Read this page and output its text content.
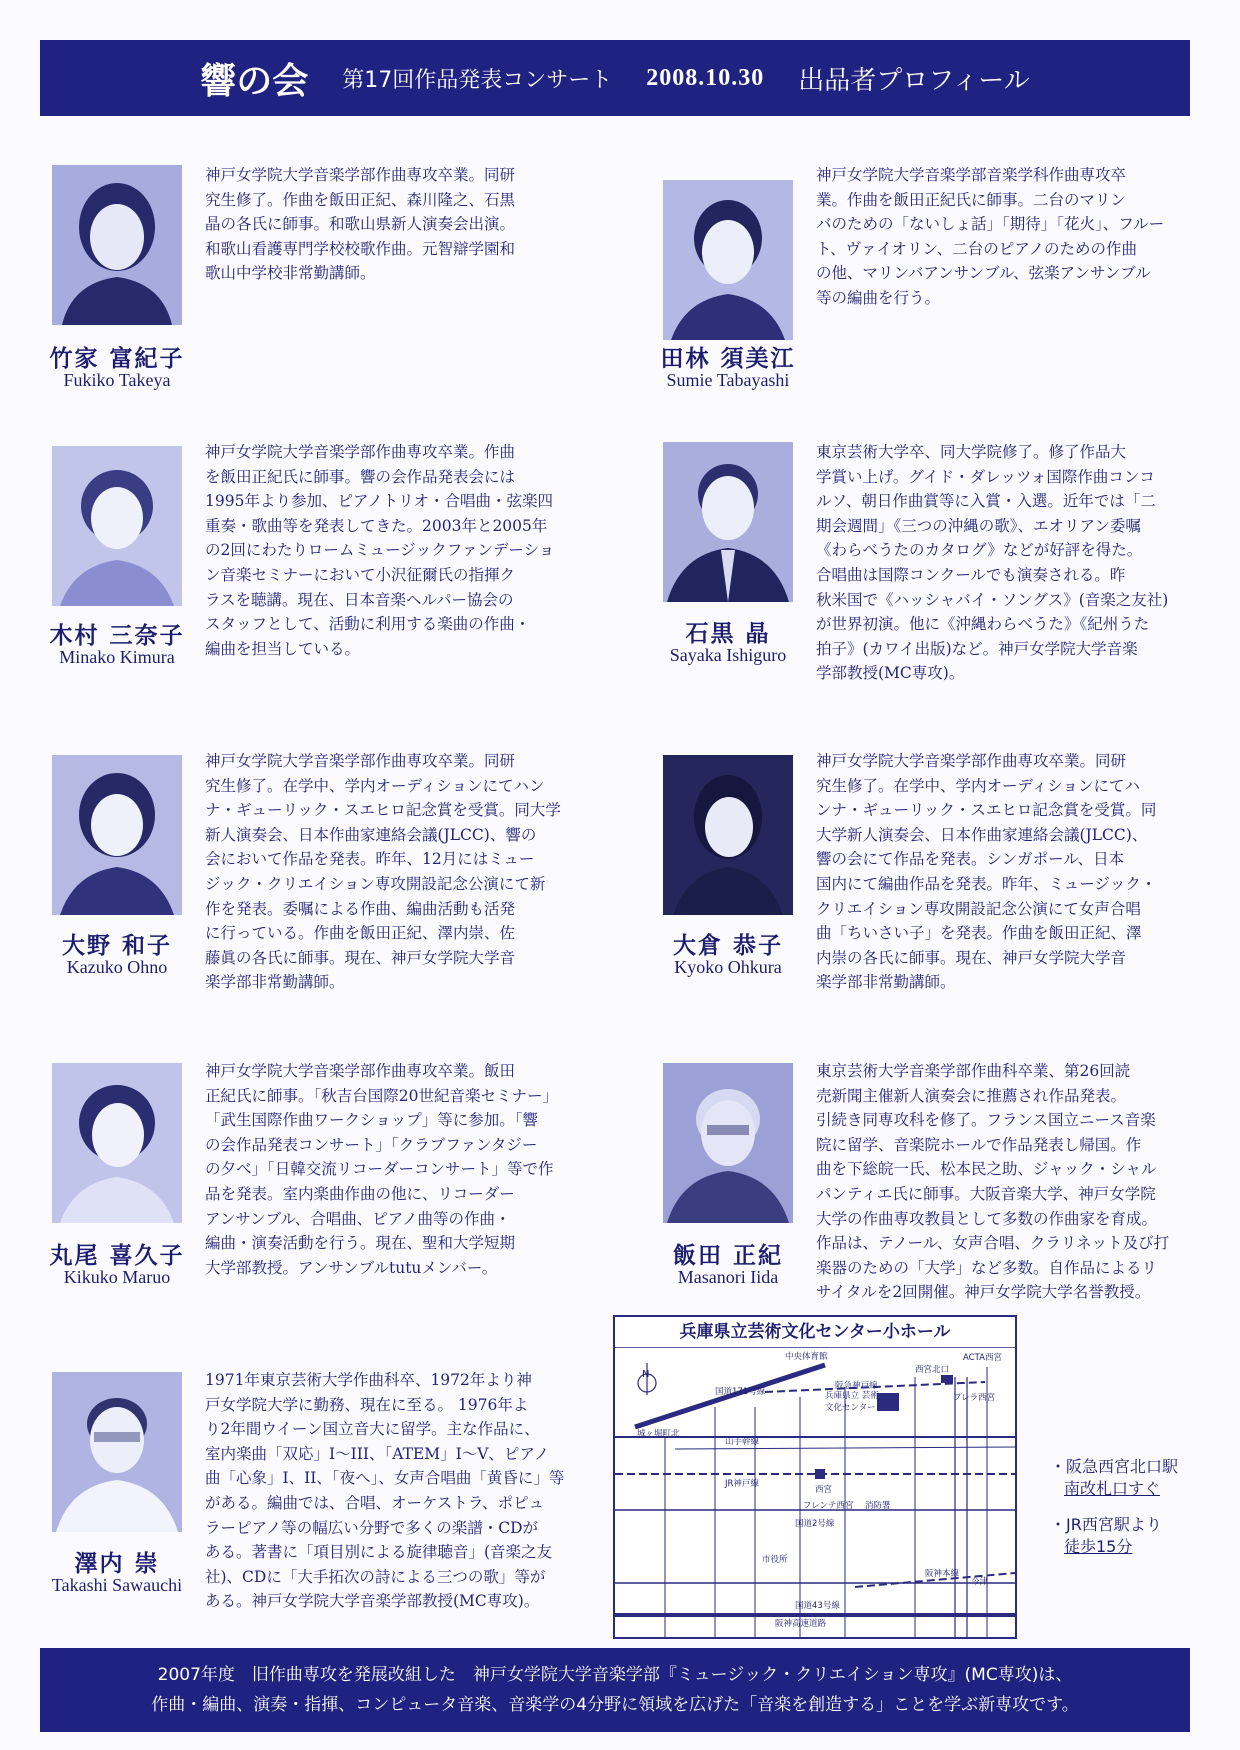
響の会 第17回作品発表コンサート 2008.10.30 出品者プロフィール
竹家 富紀子
Fukiko Takeya
神戸女学院大学音楽学部作曲専攻卒業。同研
究生修了。作曲を飯田正紀、森川隆之、石黒
晶の各氏に師事。和歌山県新人演奏会出演。
和歌山看護専門学校校歌作曲。元智辯学園和
歌山中学校非常勤講師。
田林 須美江
Sumie Tabayashi
神戸女学院大学音楽学部音楽学科作曲専攻卒
業。作曲を飯田正紀氏に師事。二台のマリン
バのための「ないしょ話」「期待」「花火」、フルー
ト、ヴァイオリン、二台のピアノのための作曲
の他、マリンバアンサンブル、弦楽アンサンブル
等の編曲を行う。
木村 三奈子
Minako Kimura
神戸女学院大学音楽学部作曲専攻卒業。作曲
を飯田正紀氏に師事。響の会作品発表会には
1995年より参加、ピアノトリオ・合唱曲・弦楽四
重奏・歌曲等を発表してきた。2003年と2005年
の2回にわたりロームミュージックファンデーショ
ン音楽セミナーにおいて小沢征爾氏の指揮ク
ラスを聴講。現在、日本音楽ヘルパー協会の
スタッフとして、活動に利用する楽曲の作曲・
編曲を担当している。
石黒 晶
Sayaka Ishiguro
東京芸術大学卒、同大学院修了。修了作品大
学賞い上げ。グイド・ダレッツォ国際作曲コンコ
ルソ、朝日作曲賞等に入賞・入選。近年では「二
期会週間」《三つの沖縄の歌》、エオリアン委嘱
《わらべうたのカタログ》などが好評を得た。
合唱曲は国際コンクールでも演奏される。昨
秋米国で《ハッシャバイ・ソングス》(音楽之友社)
が世界初演。他に《沖縄わらべうた》《紀州うた
拍子》(カワイ出版)など。神戸女学院大学音楽
学部教授(MC専攻)。
大野 和子
Kazuko Ohno
神戸女学院大学音楽学部作曲専攻卒業。同研
究生修了。在学中、学内オーディションにてハン
ナ・ギューリック・スエヒロ記念賞を受賞。同大学
新人演奏会、日本作曲家連絡会議(JLCC)、響の
会において作品を発表。昨年、12月にはミュー
ジック・クリエイション専攻開設記念公演にて新
作を発表。委嘱による作曲、編曲活動も活発
に行っている。作曲を飯田正紀、澤内崇、佐
藤眞の各氏に師事。現在、神戸女学院大学音
楽学部非常勤講師。
大倉 恭子
Kyoko Ohkura
神戸女学院大学音楽学部作曲専攻卒業。同研
究生修了。在学中、学内オーディションにてハ
ンナ・ギューリック・スエヒロ記念賞を受賞。同
大学新人演奏会、日本作曲家連絡会議(JLCC)、
響の会にて作品を発表。シンガポール、日本
国内にて編曲作品を発表。昨年、ミュージック・
クリエイション専攻開設記念公演にて女声合唱
曲「ちいさい子」を発表。作曲を飯田正紀、澤
内崇の各氏に師事。現在、神戸女学院大学音
楽学部非常勤講師。
丸尾 喜久子
Kikuko Maruo
神戸女学院大学音楽学部作曲専攻卒業。飯田
正紀氏に師事。「秋吉台国際20世紀音楽セミナー」
「武生国際作曲ワークショップ」等に参加。「響
の会作品発表コンサート」「クラブファンタジー
の夕べ」「日韓交流リコーダーコンサート」等で作
品を発表。室内楽曲作曲の他に、リコーダー
アンサンブル、合唱曲、ピアノ曲等の作曲・
編曲・演奏活動を行う。現在、聖和大学短期
大学部教授。アンサンブルtutuメンバー。	飯田 正紀
Masanori Iida
東京芸術大学音楽学部作曲科卒業、第26回読
売新聞主催新人演奏会に推薦され作品発表。
引続き同専攻科を修了。フランス国立ニース音楽
院に留学、音楽院ホールで作品発表し帰国。作
曲を下総皖一氏、松本民之助、ジャック・シャル
パンティエ氏に師事。大阪音楽大学、神戸女学院
大学の作曲専攻教員として多数の作曲家を育成。
作品は、テノール、女声合唱、クラリネット及び打
楽器のための「大学」など多数。自作品によるリ
サイタルを2回開催。神戸女学院大学名誉教授。
澤内 崇
Takashi Sawauchi
1971年東京芸術大学作曲科卒、1972年より神
戸女学院大学に勤務、現在に至る。 1976年よ
り2年間ウイーン国立音大に留学。主な作品に、
室内楽曲「双応」I〜III、「ATEM」I〜V、ピアノ
曲「心象」I、II、「夜へ」、女声合唱曲「黄昏に」等
がある。編曲では、合唱、オーケストラ、ポピュ
ラーピアノ等の幅広い分野で多くの楽譜・CDが
ある。著書に「項目別による旋律聴音」(音楽之友
社)、CDに「大手拓次の詩による三つの歌」等が
ある。神戸女学院大学音楽学部教授(MC専攻)。
兵庫県立芸術文化センター小ホール
N
中央体育館
国道171号線
阪急神戸線
西宮北口
ACTA西宮
プレラ西宮
兵庫県立 芸術文化センター
城ヶ堀町北
山手幹線
JR神戸線
西宮
フレンテ西宮 消防署
国道2号線
市役所
阪神本線
国道43号線
阪神高速道路
今津
・阪急西宮北口駅
南改札口すぐ
・JR西宮駅より
徒歩15分
2007年度　旧作曲専攻を発展改組した　神戸女学院大学音楽学部『ミュージック・クリエイション専攻』(MC専攻)は、
作曲・編曲、演奏・指揮、コンピュータ音楽、音楽学の4分野に領域を広げた「音楽を創造する」ことを学ぶ新専攻です。
